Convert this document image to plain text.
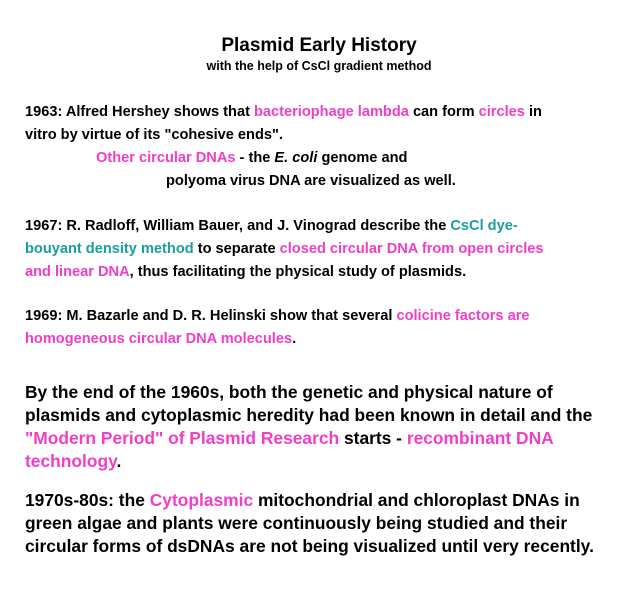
Plasmid Early History
with the help of CsCl gradient method
1963: Alfred Hershey shows that bacteriophage lambda can form circles in
vitro by virtue of its "cohesive ends".
Other circular DNAs - the E. coli genome and
polyoma virus DNA are visualized as well.
1967: R. Radloff, William Bauer, and J. Vinograd describe the CsCl dye-
bouyant density method to separate closed circular DNA from open circles
and linear DNA, thus facilitating the physical study of plasmids.
1969: M. Bazarle and D. R. Helinski show that several colicine factors are
homogeneous circular DNA molecules.
By the end of the 1960s, both the genetic and physical nature of
plasmids and cytoplasmic heredity had been known in detail and the
"Modern Period" of Plasmid Research starts - recombinant DNA
technology.
1970s-80s: the Cytoplasmic mitochondrial and chloroplast DNAs in
green algae and plants were continuously being studied and their
circular forms of dsDNAs are not being visualized until very recently.
